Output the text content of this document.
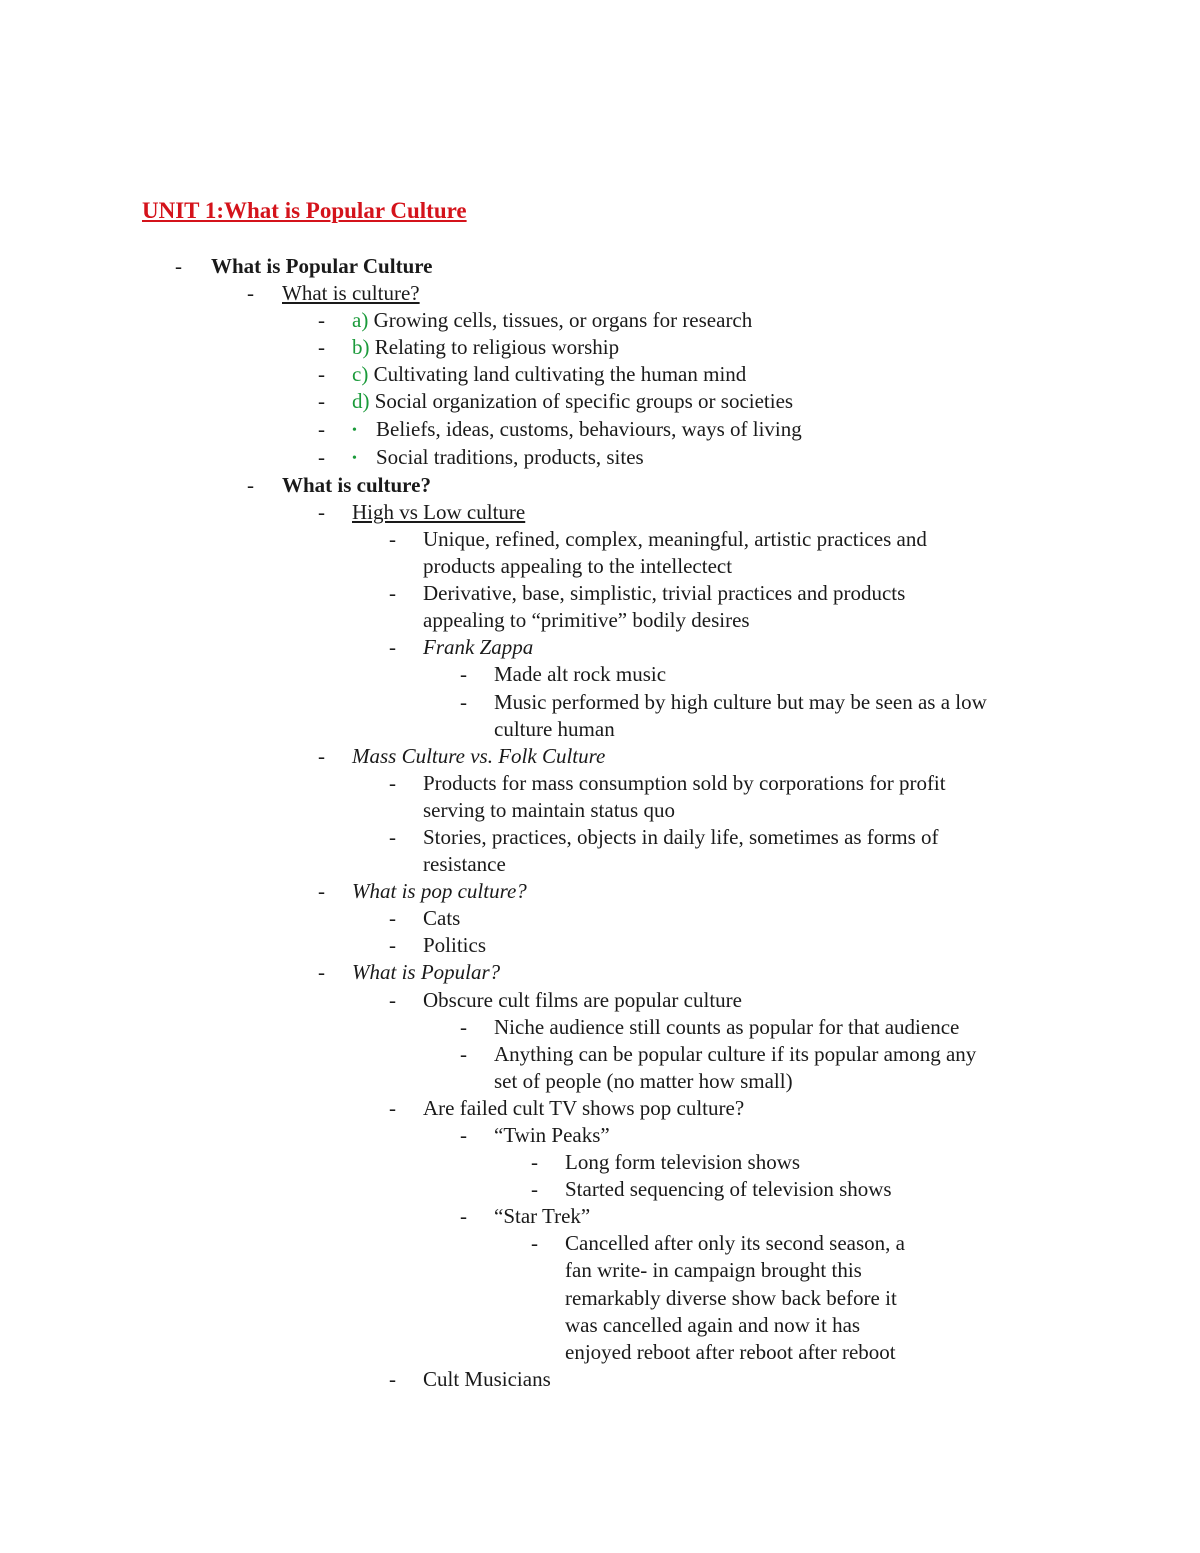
UNIT 1:What is Popular Culture
- What is Popular Culture
- What is culture?
- a) Growing cells, tissues, or organs for research
- b) Relating to religious worship
- c) Cultivating land cultivating the human mind
- d) Social organization of specific groups or societies
- • Beliefs, ideas, customs, behaviours, ways of living
- • Social traditions, products, sites
- What is culture?
- High vs Low culture
- Unique, refined, complex, meaningful, artistic practices and
products appealing to the intellectect
- Derivative, base, simplistic, trivial practices and products
appealing to “primitive” bodily desires
- Frank Zappa
- Made alt rock music
- Music performed by high culture but may be seen as a low
culture human
- Mass Culture vs. Folk Culture
- Products for mass consumption sold by corporations for profit
serving to maintain status quo
- Stories, practices, objects in daily life, sometimes as forms of
resistance
- What is pop culture?
- Cats
- Politics
- What is Popular?
- Obscure cult films are popular culture
- Niche audience still counts as popular for that audience
- Anything can be popular culture if its popular among any
set of people (no matter how small)
- Are failed cult TV shows pop culture?
- “Twin Peaks”
- Long form television shows
- Started sequencing of television shows
- “Star Trek”
- Cancelled after only its second season, a
fan write- in campaign brought this
remarkably diverse show back before it
was cancelled again and now it has
enjoyed reboot after reboot after reboot
- Cult Musicians
